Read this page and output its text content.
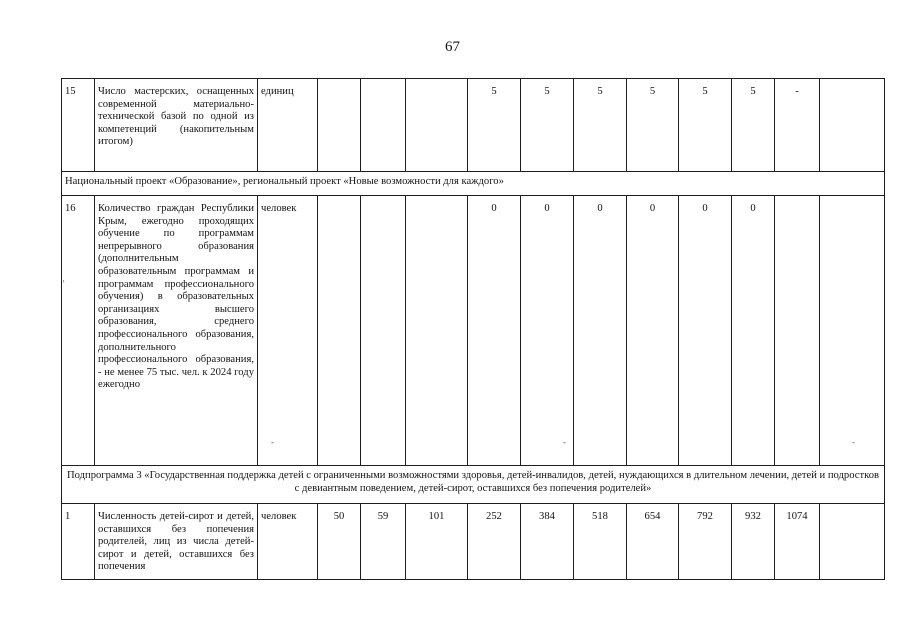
67
15	Число мастерских, оснащенных современной материально-технической базой по одной из компетенций (накопительным итогом)	единиц				5	5	5	5	5	5	-	
Национальный проект «Образование», региональный проект «Новые возможности для каждого»													
16	Количество граждан Республики Крым, ежегодно проходящих обучение по программам непрерывного образования (дополнительным образовательным программам и программам профессионального обучения) в образовательных организациях высшего образования, среднего профессионального образования, дополнительного профессионального образования, - не менее 75 тыс. чел. к 2024 году ежегодно	человек				0	0	0	0	0	0		
Подпрограмма 3 «Государственная поддержка детей с ограниченными возможностями здоровья, детей-инвалидов, детей, нуждающихся в длительном лечении, детей и подростков с девиантным поведением, детей-сирот, оставшихся без попечения родителей»													
1	Численность детей-сирот и детей, оставшихся без попечения родителей, лиц из числа детей-сирот и детей, оставшихся без попечения	человек	50	59	101	252	384	518	654	792	932	1074	
-	-	-
-
